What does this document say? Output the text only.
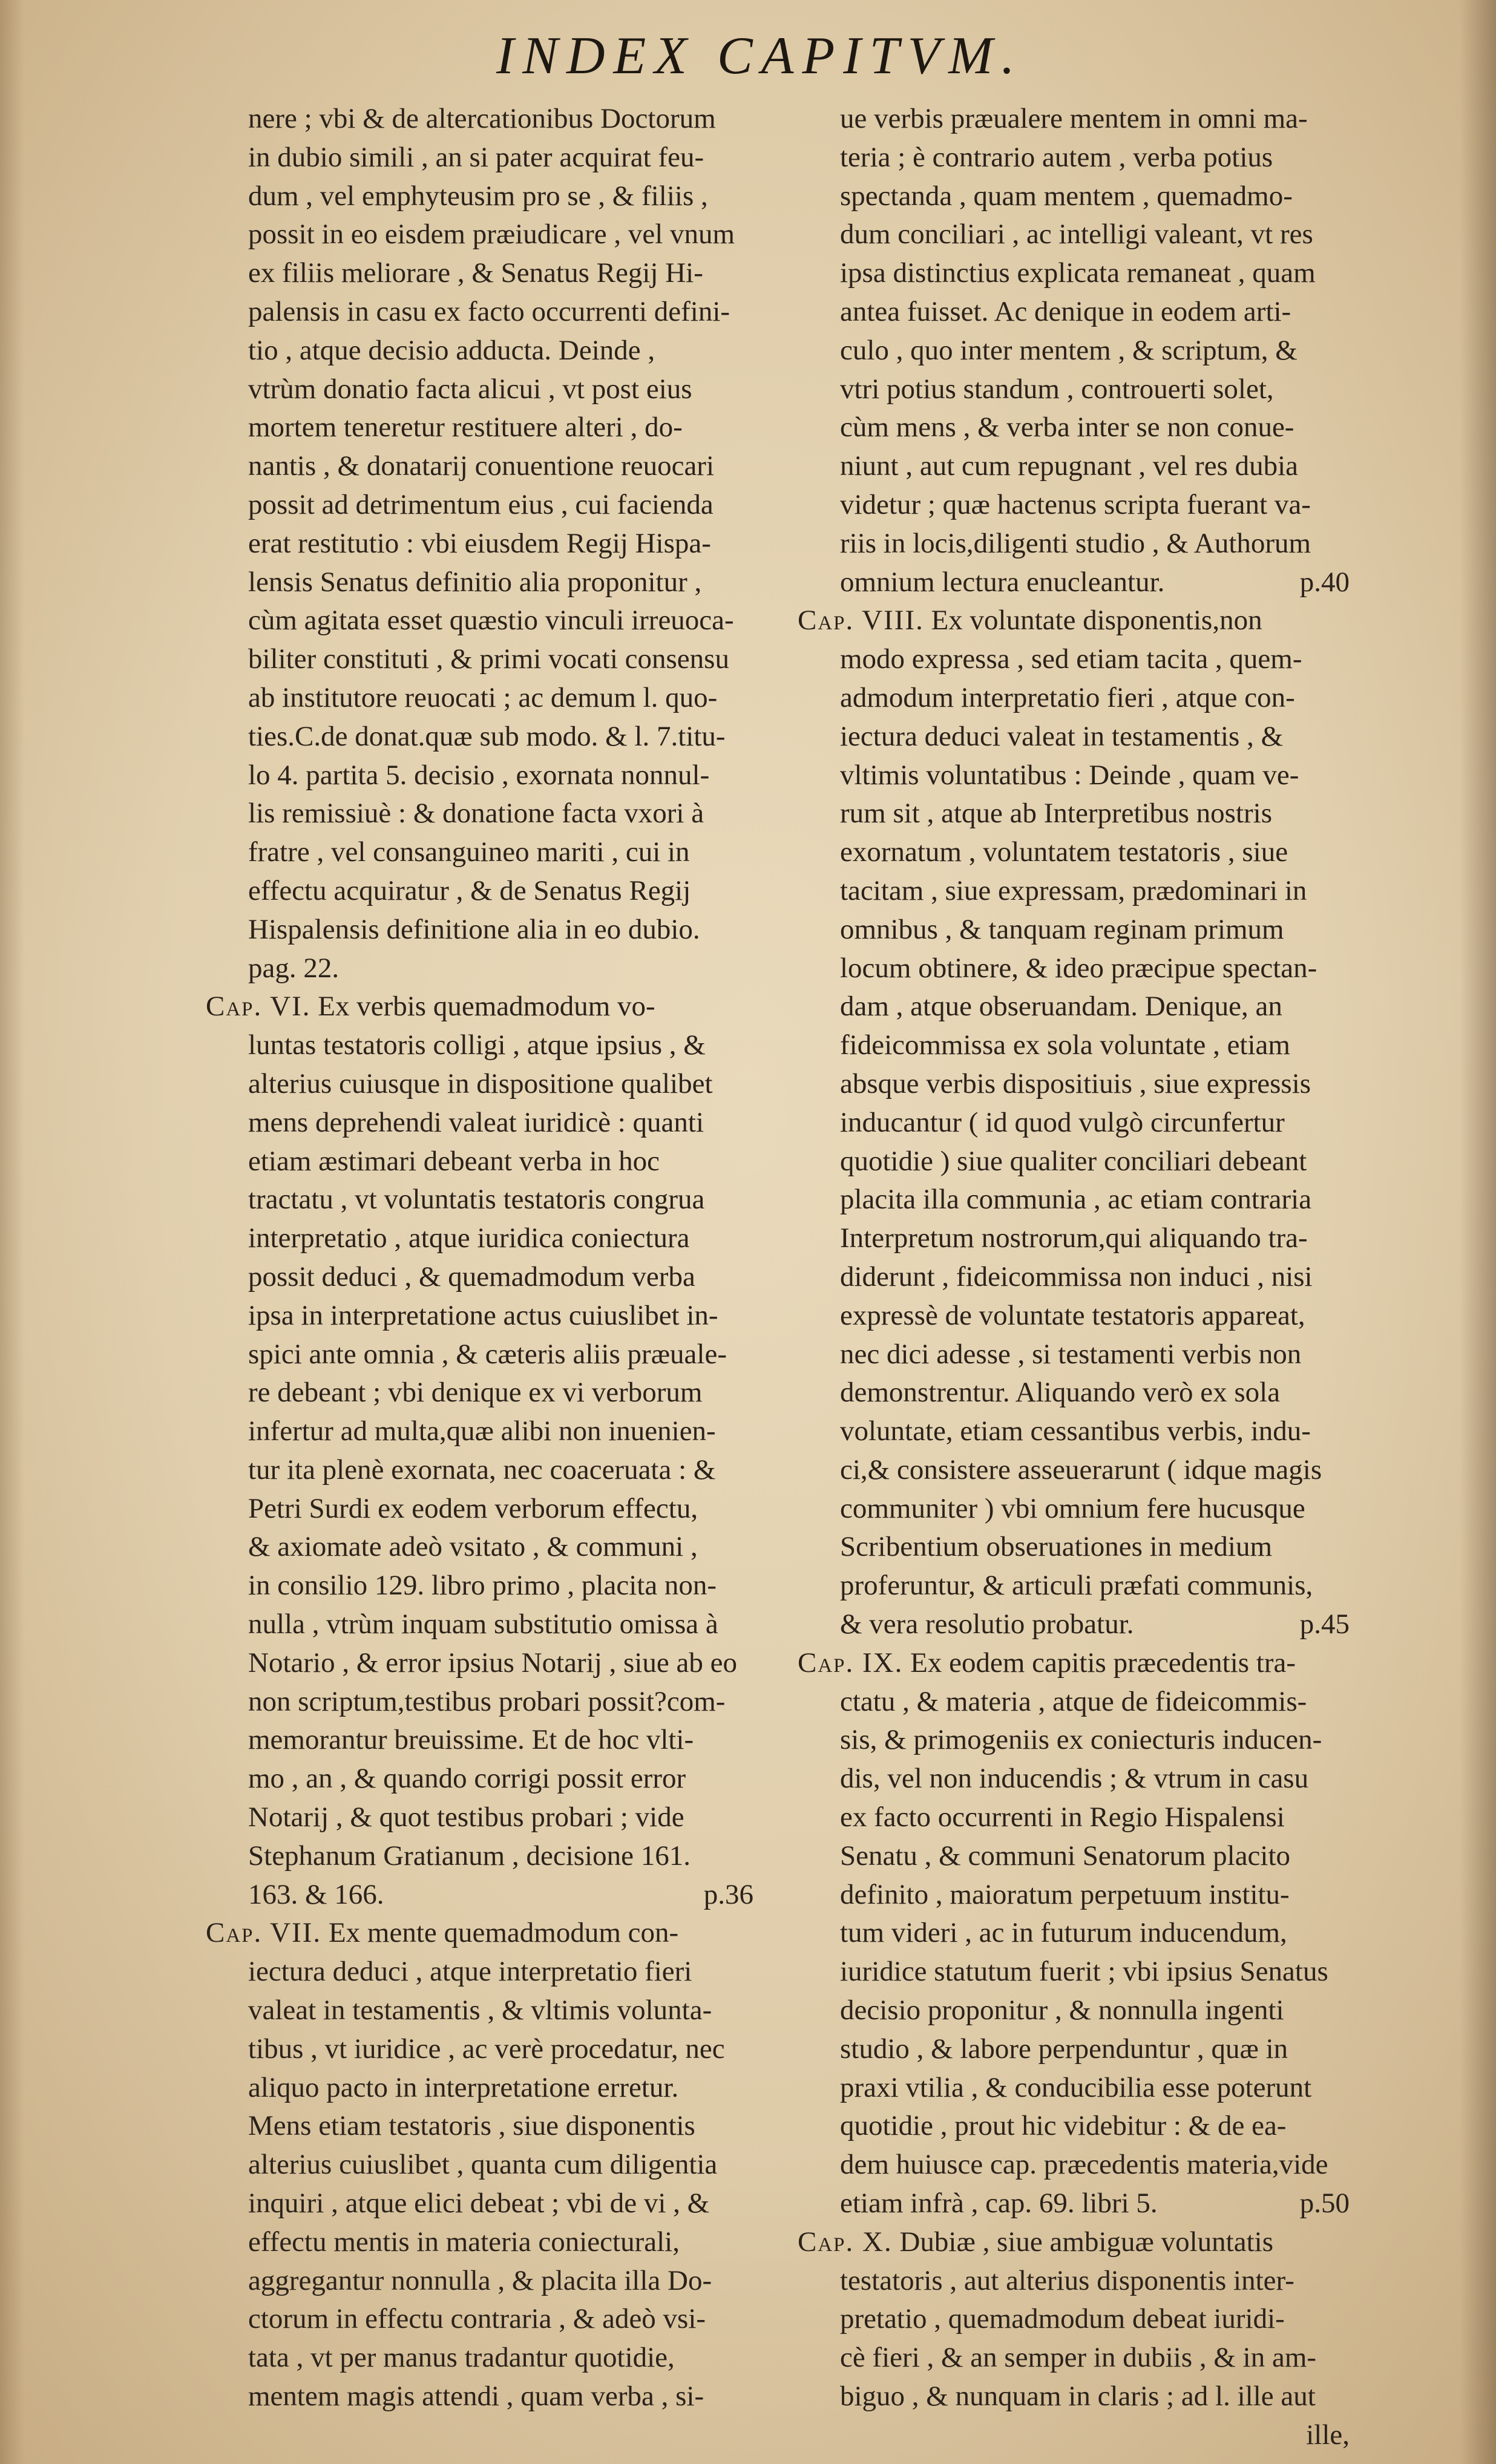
INDEX CAPITVM.
nere ; vbi & de altercationibus Doctorum
in dubio simili , an si pater acquirat feu-
dum , vel emphyteusim pro se , & filiis ,
possit in eo eisdem præiudicare , vel vnum
ex filiis meliorare , & Senatus Regij Hi-
palensis in casu ex facto occurrenti defini-
tio , atque decisio adducta. Deinde ,
vtrùm donatio facta alicui , vt post eius
mortem teneretur restituere alteri , do-
nantis , & donatarij conuentione reuocari
possit ad detrimentum eius , cui facienda
erat restitutio : vbi eiusdem Regij Hispa-
lensis Senatus definitio alia proponitur ,
cùm agitata esset quæstio vinculi irreuoca-
biliter constituti , & primi vocati consensu
ab institutore reuocati ; ac demum l. quo-
ties.C.de donat.quæ sub modo. & l. 7.titu-
lo 4. partita 5. decisio , exornata nonnul-
lis remissiuè : & donatione facta vxori à
fratre , vel consanguineo mariti , cui in
effectu acquiratur , & de Senatus Regij
Hispalensis definitione alia in eo dubio.
pag. 22.
Cap. VI. Ex verbis quemadmodum vo-
luntas testatoris colligi , atque ipsius , &
alterius cuiusque in dispositione qualibet
mens deprehendi valeat iuridicè : quanti
etiam æstimari debeant verba in hoc
tractatu , vt voluntatis testatoris congrua
interpretatio , atque iuridica coniectura
possit deduci , & quemadmodum verba
ipsa in interpretatione actus cuiuslibet in-
spici ante omnia , & cæteris aliis præuale-
re debeant ; vbi denique ex vi verborum
infertur ad multa,quæ alibi non inuenien-
tur ita plenè exornata, nec coaceruata : &
Petri Surdi ex eodem verborum effectu,
& axiomate adeò vsitato , & communi ,
in consilio 129. libro primo , placita non-
nulla , vtrùm inquam substitutio omissa à
Notario , & error ipsius Notarij , siue ab eo
non scriptum,testibus probari possit?com-
memorantur breuissime. Et de hoc vlti-
mo , an , & quando corrigi possit error
Notarij , & quot testibus probari ; vide
Stephanum Gratianum , decisione 161.
163. & 166.	p.36
Cap. VII. Ex mente quemadmodum con-
iectura deduci , atque interpretatio fieri
valeat in testamentis , & vltimis volunta-
tibus , vt iuridice , ac verè procedatur, nec
aliquo pacto in interpretatione erretur.
Mens etiam testatoris , siue disponentis
alterius cuiuslibet , quanta cum diligentia
inquiri , atque elici debeat ; vbi de vi , &
effectu mentis in materia coniecturali,
aggregantur nonnulla , & placita illa Do-
ctorum in effectu contraria , & adeò vsi-
tata , vt per manus tradantur quotidie,
mentem magis attendi , quam verba , si-
ue verbis præualere mentem in omni ma-
teria ; è contrario autem , verba potius
spectanda , quam mentem , quemadmo-
dum conciliari , ac intelligi valeant, vt res
ipsa distinctius explicata remaneat , quam
antea fuisset. Ac denique in eodem arti-
culo , quo inter mentem , & scriptum, &
vtri potius standum , controuerti solet,
cùm mens , & verba inter se non conue-
niunt , aut cum repugnant , vel res dubia
videtur ; quæ hactenus scripta fuerant va-
riis in locis,diligenti studio , & Authorum
omnium lectura enucleantur.	p.40
Cap. VIII. Ex voluntate disponentis,non
modo expressa , sed etiam tacita , quem-
admodum interpretatio fieri , atque con-
iectura deduci valeat in testamentis , &
vltimis voluntatibus : Deinde , quam ve-
rum sit , atque ab Interpretibus nostris
exornatum , voluntatem testatoris , siue
tacitam , siue expressam, prædominari in
omnibus , & tanquam reginam primum
locum obtinere, & ideo præcipue spectan-
dam , atque obseruandam. Denique, an
fideicommissa ex sola voluntate , etiam
absque verbis dispositiuis , siue expressis
inducantur ( id quod vulgò circunfertur
quotidie ) siue qualiter conciliari debeant
placita illa communia , ac etiam contraria
Interpretum nostrorum,qui aliquando tra-
diderunt , fideicommissa non induci , nisi
expressè de voluntate testatoris appareat,
nec dici adesse , si testamenti verbis non
demonstrentur. Aliquando verò ex sola
voluntate, etiam cessantibus verbis, indu-
ci,& consistere asseuerarunt ( idque magis
communiter ) vbi omnium fere hucusque
Scribentium obseruationes in medium
proferuntur, & articuli præfati communis,
& vera resolutio probatur.	p.45
Cap. IX. Ex eodem capitis præcedentis tra-
ctatu , & materia , atque de fideicommis-
sis, & primogeniis ex coniecturis inducen-
dis, vel non inducendis ; & vtrum in casu
ex facto occurrenti in Regio Hispalensi
Senatu , & communi Senatorum placito
definito , maioratum perpetuum institu-
tum videri , ac in futurum inducendum,
iuridice statutum fuerit ; vbi ipsius Senatus
decisio proponitur , & nonnulla ingenti
studio , & labore perpenduntur , quæ in
praxi vtilia , & conducibilia esse poterunt
quotidie , prout hic videbitur : & de ea-
dem huiusce cap. præcedentis materia,vide
etiam infrà , cap. 69. libri 5.	p.50
Cap. X. Dubiæ , siue ambiguæ voluntatis
testatoris , aut alterius disponentis inter-
pretatio , quemadmodum debeat iuridi-
cè fieri , & an semper in dubiis , & in am-
biguo , & nunquam in claris ; ad l. ille aut
ille,
